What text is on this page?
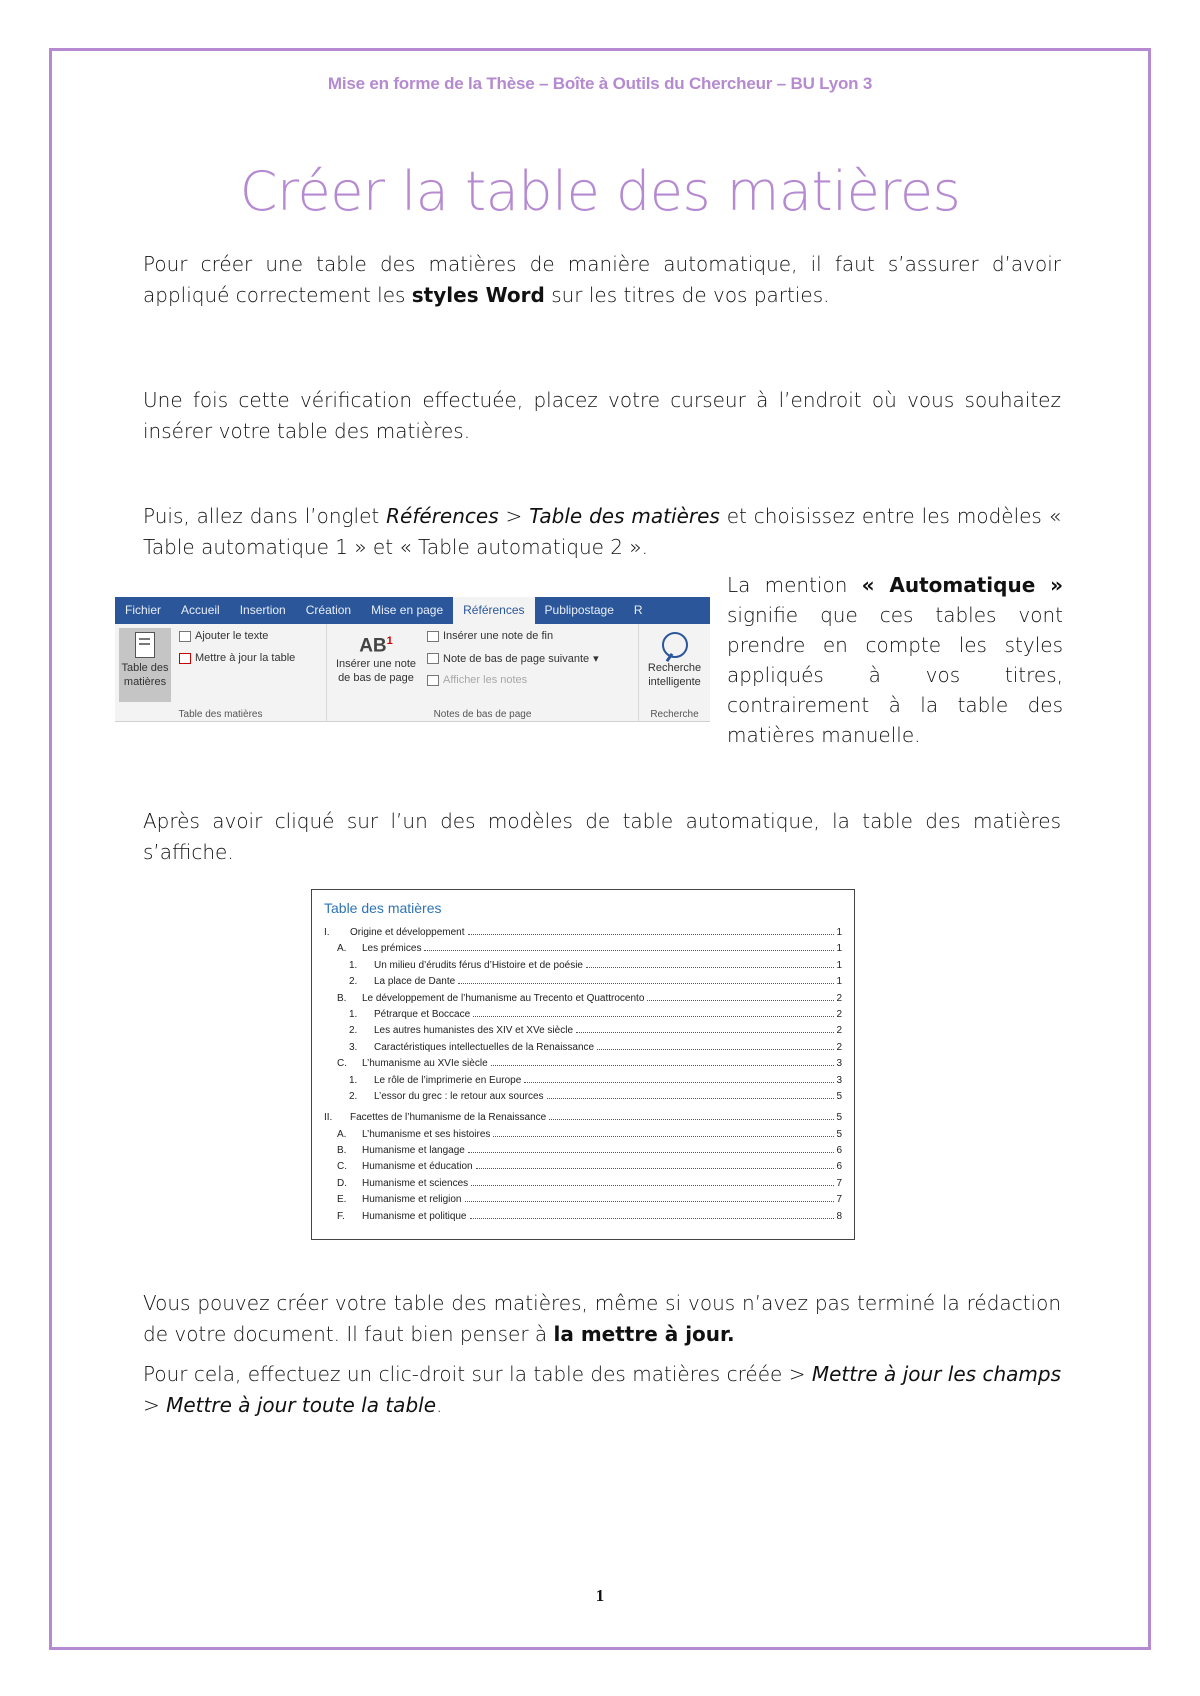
Mise en forme de la Thèse – Boîte à Outils du Chercheur – BU Lyon 3
Créer la table des matières

Pour créer une table des matières de manière automatique, il faut s’assurer d’avoir appliqué correctement les styles Word sur les titres de vos parties.

Une fois cette vérification effectuée, placez votre curseur à l’endroit où vous souhaitez insérer votre table des matières.

Puis, allez dans l’onglet Références > Table des matières et choisissez entre les modèles « Table automatique 1 » et « Table automatique 2 ».

Fichier	Accueil	Insertion	Création	Mise en page	Références	Publipostage	R
Table des matières
Ajouter le texte
Mettre à jour la table
Table des matières
$AB^1$
Insérer une note de bas de page
Insérer une note de fin
Note de bas de page suivante ▾
Afficher les notes
Notes de bas de page
Recherche intelligente
Recherche

La mention « Automatique » signifie que ces tables vont prendre en compte les styles appliqués à vos titres, contrairement à la table des matières manuelle.

Après avoir cliqué sur l’un des modèles de table automatique, la table des matières s’affiche.

Table des matières
I.	Origine et développement	1
A.	Les prémices	1
1.	Un milieu d’érudits férus d’Histoire et de poésie	1
2.	La place de Dante	1
B.	Le développement de l’humanisme au Trecento et Quattrocento	2
1.	Pétrarque et Boccace	2
2.	Les autres humanistes des XIV et XVe siècle	2
3.	Caractéristiques intellectuelles de la Renaissance	2
C.	L’humanisme au XVIe siècle	3
1.	Le rôle de l’imprimerie en Europe	3
2.	L’essor du grec : le retour aux sources	5
II.	Facettes de l’humanisme de la Renaissance	5
A.	L’humanisme et ses histoires	5
B.	Humanisme et langage	6
C.	Humanisme et éducation	6
D.	Humanisme et sciences	7
E.	Humanisme et religion	7
F.	Humanisme et politique	8

Vous pouvez créer votre table des matières, même si vous n’avez pas terminé la rédaction de votre document. Il faut bien penser à la mettre à jour.

Pour cela, effectuez un clic-droit sur la table des matières créée > Mettre à jour les champs > Mettre à jour toute la table.

1
